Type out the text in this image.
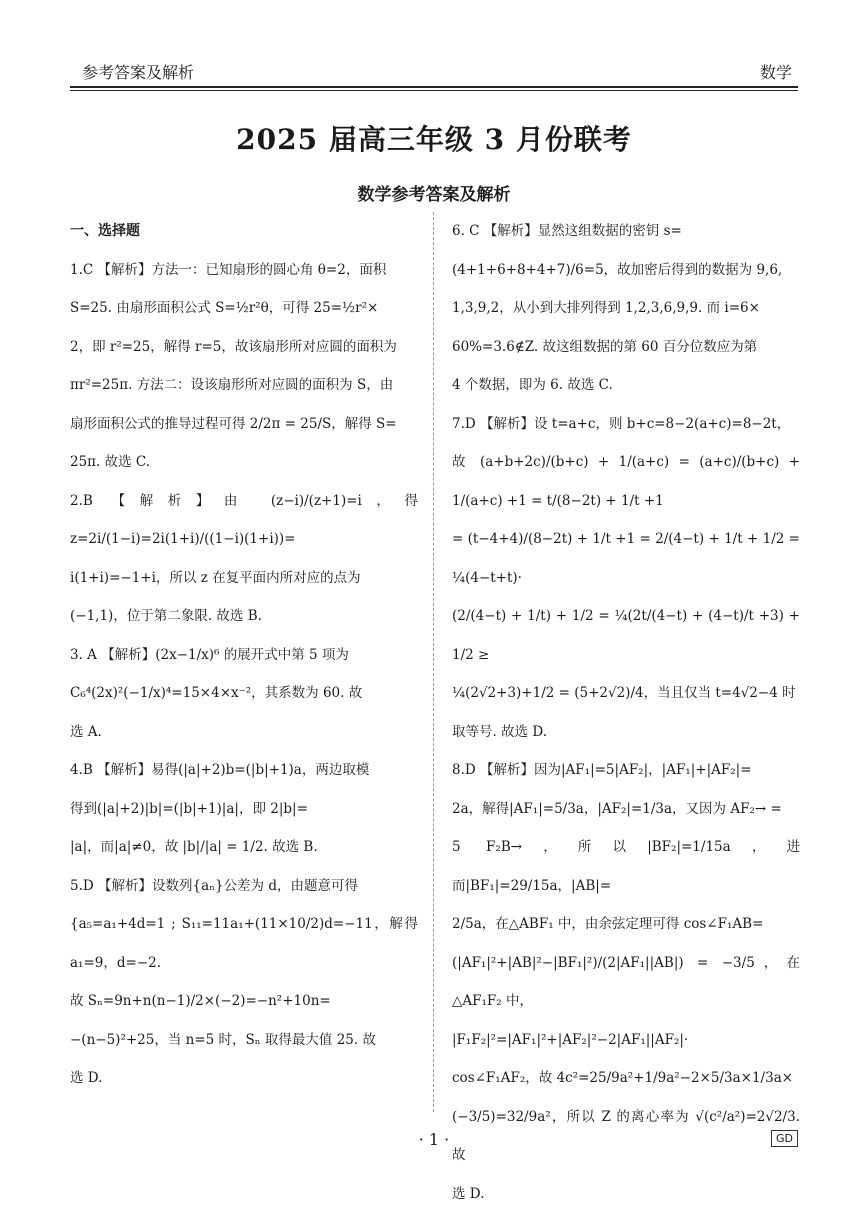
参考答案及解析	数学
2025 届高三年级 3 月份联考
数学参考答案及解析
一、选择题

1.C 【解析】方法一：已知扇形的圆心角 θ=2，面积

S=25. 由扇形面积公式 S=½r²θ，可得 25=½r²×

2，即 r²=25，解得 r=5，故该扇形所对应圆的面积为

πr²=25π. 方法二：设该扇形所对应圆的面积为 S，由

扇形面积公式的推导过程可得 2/2π = 25/S，解得 S=

25π. 故选 C.

2.B 【解析】由 (z−i)/(z+1)=i，得 z=2i/(1−i)=2i(1+i)/((1−i)(1+i))=

i(1+i)=−1+i，所以 z 在复平面内所对应的点为

(−1,1)，位于第二象限. 故选 B.

3. A 【解析】(2x−1/x)⁶ 的展开式中第 5 项为

C₆⁴(2x)²(−1/x)⁴=15×4×x⁻²，其系数为 60. 故

选 A.

4.B 【解析】易得(|a|+2)b=(|b|+1)a，两边取模

得到(|a|+2)|b|=(|b|+1)|a|，即 2|b|=

|a|，而|a|≠0，故 |b|/|a| = 1/2. 故选 B.

5.D 【解析】设数列{aₙ}公差为 d，由题意可得

{a₅=a₁+4d=1 ; S₁₁=11a₁+(11×10/2)d=−11，解得 a₁=9，d=−2.

故 Sₙ=9n+n(n−1)/2×(−2)=−n²+10n=

−(n−5)²+25，当 n=5 时，Sₙ 取得最大值 25. 故

选 D.

6. C 【解析】显然这组数据的密钥 s=

(4+1+6+8+4+7)/6=5，故加密后得到的数据为 9,6,

1,3,9,2，从小到大排列得到 1,2,3,6,9,9. 而 i=6×

60%=3.6∉Z. 故这组数据的第 60 百分位数应为第

4 个数据，即为 6. 故选 C.

7.D 【解析】设 t=a+c，则 b+c=8−2(a+c)=8−2t，

故 (a+b+2c)/(b+c) + 1/(a+c) = (a+c)/(b+c) + 1/(a+c) +1 = t/(8−2t) + 1/t +1

= (t−4+4)/(8−2t) + 1/t +1 = 2/(4−t) + 1/t + 1/2 = ¼(4−t+t)·

(2/(4−t) + 1/t) + 1/2 = ¼(2t/(4−t) + (4−t)/t +3) + 1/2 ≥

¼(2√2+3)+1/2 = (5+2√2)/4，当且仅当 t=4√2−4 时

取等号. 故选 D.

8.D 【解析】因为|AF₁|=5|AF₂|，|AF₁|+|AF₂|=

2a，解得|AF₁|=5/3a，|AF₂|=1/3a，又因为 AF₂→ =

5 F₂B→，所以|BF₂|=1/15a，进而|BF₁|=29/15a，|AB|=

2/5a，在△ABF₁ 中，由余弦定理可得 cos∠F₁AB=

(|AF₁|²+|AB|²−|BF₁|²)/(2|AF₁||AB|) = −3/5，在△AF₁F₂ 中，

|F₁F₂|²=|AF₁|²+|AF₂|²−2|AF₁||AF₂|·

cos∠F₁AF₂，故 4c²=25/9a²+1/9a²−2×5/3a×1/3a×

(−3/5)=32/9a²，所以 Z 的离心率为 √(c²/a²)=2√2/3. 故

选 D.

· 1 ·	GD
